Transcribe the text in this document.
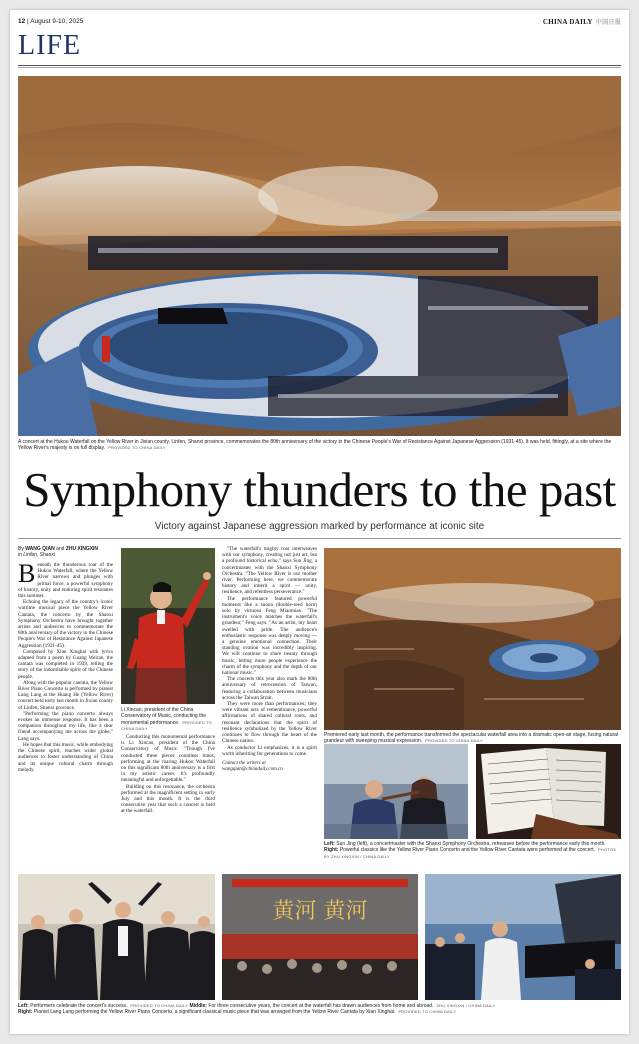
12 | August 9-10, 2025	CHINA DAILY 中国日报
LIFE
A concert at the Hukou Waterfall on the Yellow River in Jixian county, Linfen, Shanxi province, commemorates the 80th anniversary of the victory in the Chinese People's War of Resistance Against Japanese Aggression (1931-45). It was held, fittingly, at a site where the Yellow River's majesty is on full display. PROVIDED TO CHINA DAILY
Symphony thunders to the past
Victory against Japanese aggression marked by performance at iconic site
By WANG QIAN and ZHU XINGXIN
in Linfen, Shanxi

Beneath the thunderous roar of the Hukou Waterfall, where the Yellow River narrows and plunges with primal force, a powerful symphony of history, unity and enduring spirit resonates this summer.

Echoing the legacy of the country's iconic wartime musical piece the Yellow River Cantata, the concerto by the Shanxi Symphony Orchestra have brought together artists and audiences to commemorate the 80th anniversary of the victory in the Chinese People's War of Resistance Against Japanese Aggression (1931-45).

Composed by Xian Xinghai with lyrics adapted from a poem by Guang Weiran, the cantata was completed in 1939, telling the story of the indomitable spirit of the Chinese people.

Along with the popular cantata, the Yellow River Piano Concerto is performed by pianist Lang Lang at the Huang He (Yellow River) concert held early last month in Jixian county of Linfen, Shanxi province.

"Performing the piano concerto always evokes an immense response. It has been a companion throughout my life, like a dear friend accompanying me across the globe," Lang says.

He hopes that this music, while embodying the Chinese spirit, reaches wider global audiences to foster understanding of China and its unique cultural charm through melody.

Li Xincao, president of the China Conservatory of Music, conducting the monumental performance. PROVIDED TO CHINA DAILY

Conducting this monumental performance is Li Xincao, president of the China Conservatory of Music. "Though I've conducted these pieces countless times, performing at the roaring Hukou Waterfall on this significant 80th anniversary is a first in my artistic career. It's profoundly meaningful and unforgettable."

Building on this resonance, the orchestra performed at the magnificent setting in early July and this month. It is the third consecutive year that such a concert is held at the waterfall.

"The waterfall's mighty roar interweaves with our symphony, creating not just art, but a profound historical echo," says Sun Jing, a concertmaster with the Shanxi Symphony Orchestra. "The Yellow River is our mother river. Performing here, we commemorate history and inherit a spirit — unity, resilience, and relentless perseverance."

The performance featured powerful moments like a suona (double-reed horn) solo by virtuoso Feng Miaomiao. "The instrument's voice matches the waterfall's grandeur," Feng says. "As an artist, my heart swelled with pride. The audience's enthusiastic response was deeply moving — a genuine emotional connection. Their standing ovation was incredibly inspiring. We will continue to share beauty through music, letting more people experience the charm of the symphony and the depth of our national music."

The concerts this year also mark the 80th anniversary of retrocession of Taiwan, featuring a collaboration between musicians across the Taiwan Strait.

They were more than performances; they were vibrant acts of remembrance, powerful affirmations of shared cultural roots, and resonant declarations that the spirit of resilience symbolized by the Yellow River continues to flow through the heart of the Chinese nation.

As conductor Li emphasizes, it is a spirit worth inheriting for generations to come.

Contact the writers at
wangqian@chinadaily.com.cn
Premiered early last month, the performance transformed the spectacular waterfall area into a dramatic open-air stage, fusing natural grandeur with sweeping musical expression. PROVIDED TO CHINA DAILY
Left: Sun Jing (left), a concertmaster with the Shanxi Symphony Orchestra, rehearses before the performance early this month. Right: Powerful classics like the Yellow River Piano Concerto and the Yellow River Cantata were performed at the concert. PHOTOS BY ZHU XINGXIN / CHINA DAILY
黄河 黄河
Left: Performers celebrate the concert's success. PROVIDED TO CHINA DAILY Middle: For three consecutive years, the concert at the waterfall has drawn audiences from home and abroad. ZHU XINGXIN / CHINA DAILY
Right: Pianist Lang Lang performing the Yellow River Piano Concerto, a significant classical music piece that was arranged from the Yellow River Cantata by Xian Xinghai. PROVIDED TO CHINA DAILY
